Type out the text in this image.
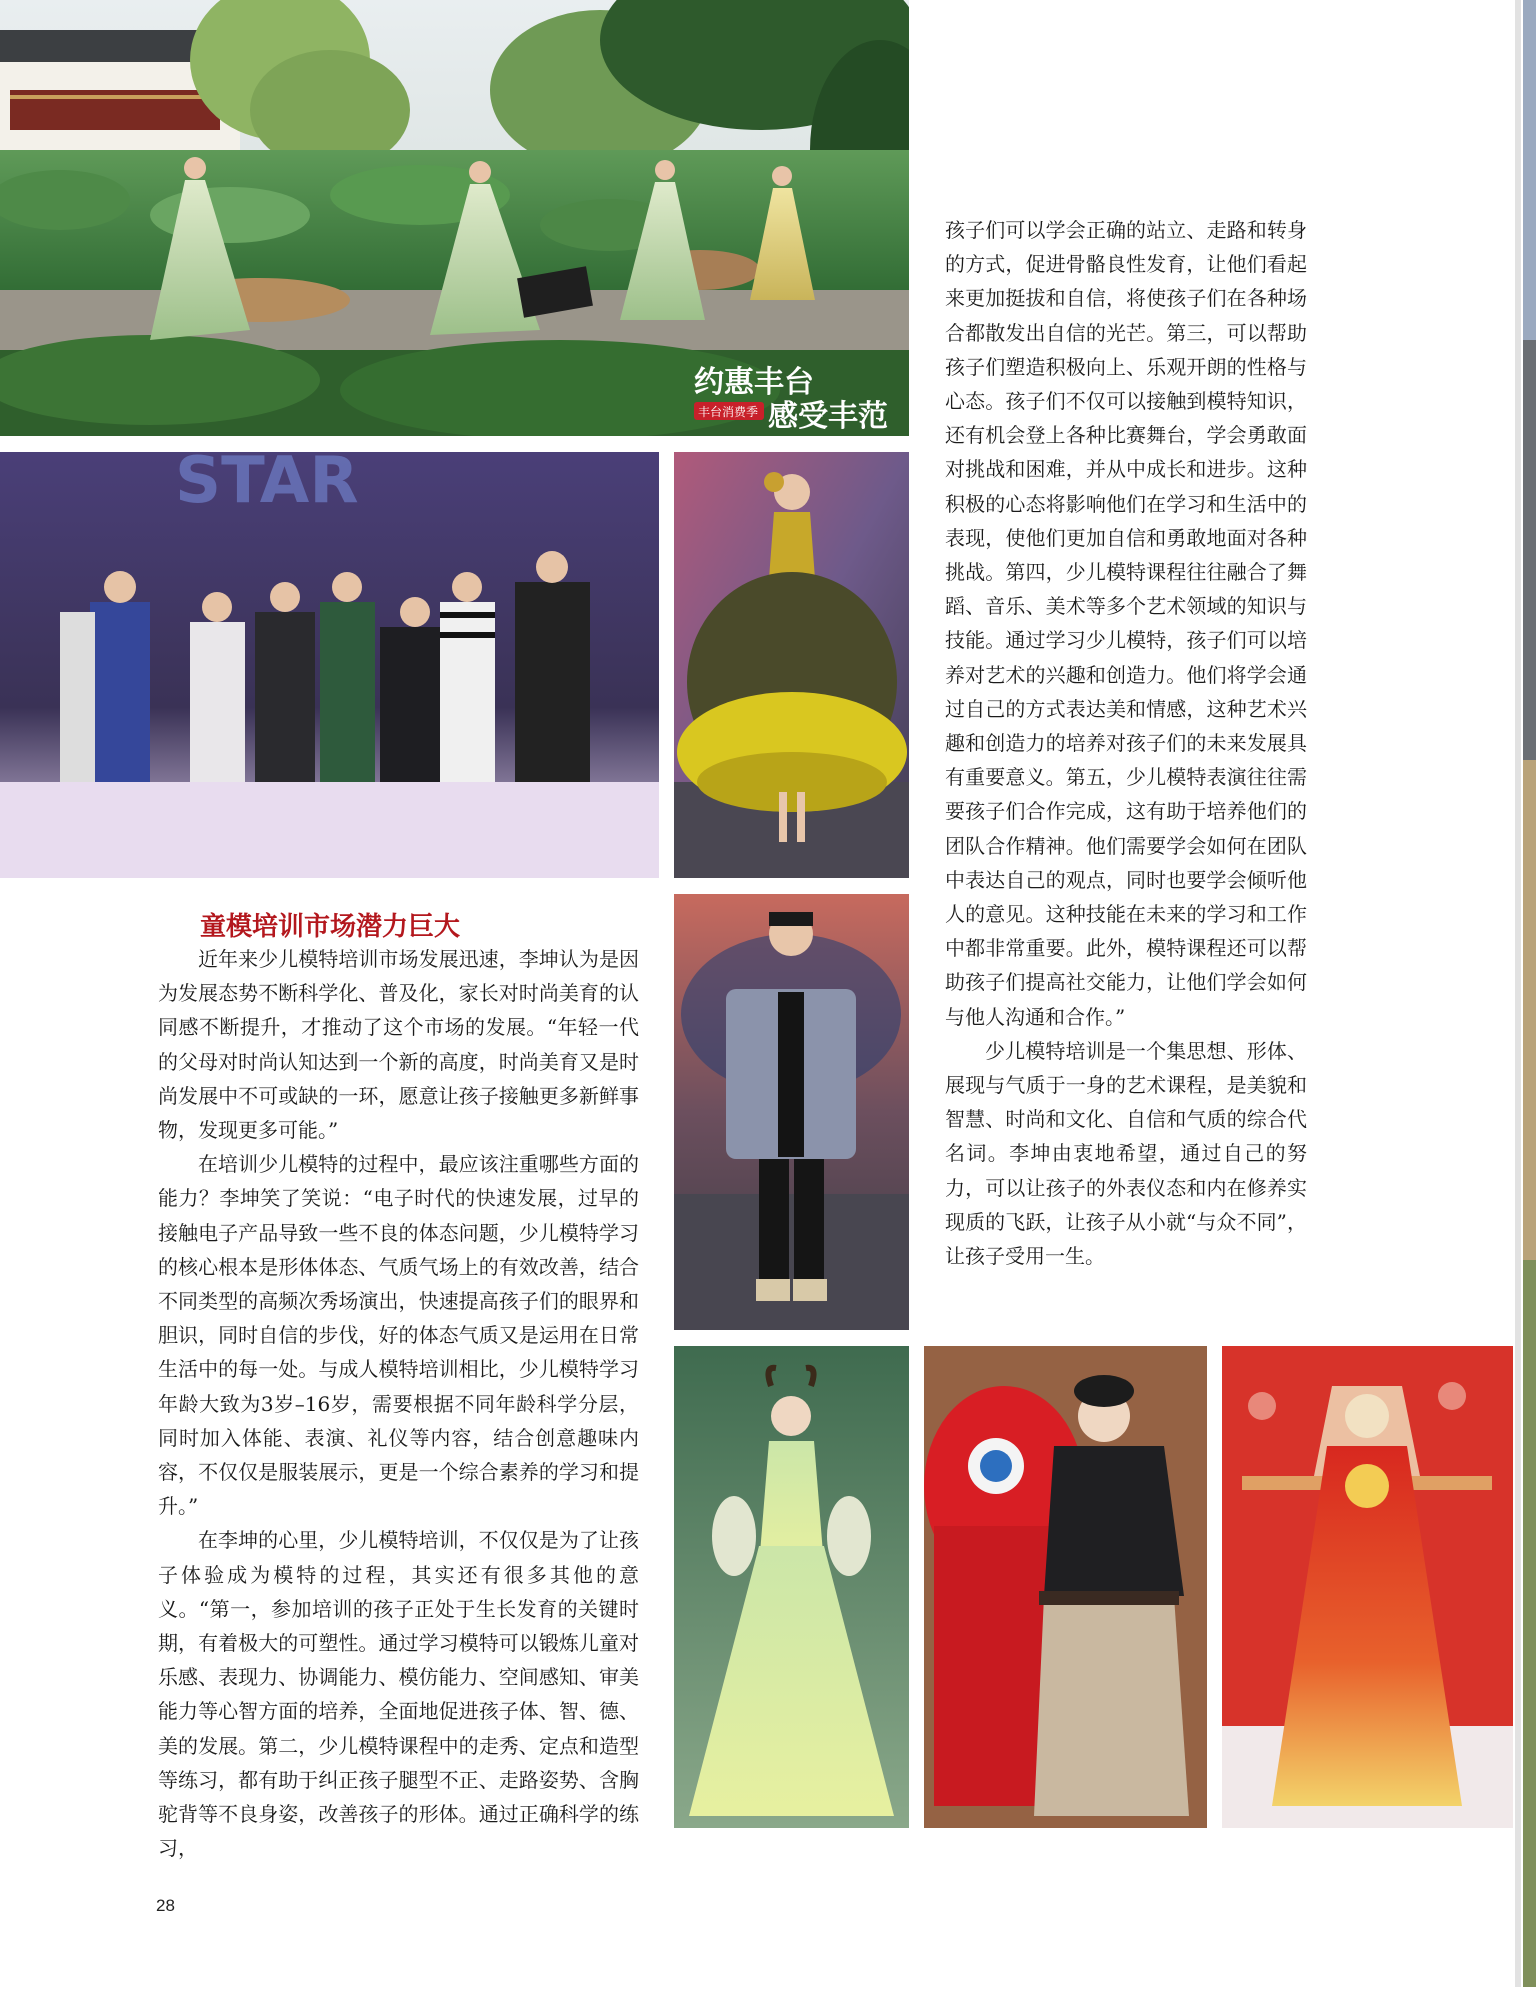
约惠丰台
丰台消费季 感受丰范
STAR
童模培训市场潜力巨大

近年来少儿模特培训市场发展迅速，李坤认为是因为发展态势不断科学化、普及化，家长对时尚美育的认同感不断提升，才推动了这个市场的发展。“年轻一代的父母对时尚认知达到一个新的高度，时尚美育又是时尚发展中不可或缺的一环，愿意让孩子接触更多新鲜事物，发现更多可能。”

在培训少儿模特的过程中，最应该注重哪些方面的能力？李坤笑了笑说：“电子时代的快速发展，过早的接触电子产品导致一些不良的体态问题，少儿模特学习的核心根本是形体体态、气质气场上的有效改善，结合不同类型的高频次秀场演出，快速提高孩子们的眼界和胆识，同时自信的步伐，好的体态气质又是运用在日常生活中的每一处。与成人模特培训相比，少儿模特学习年龄大致为3岁–16岁，需要根据不同年龄科学分层，同时加入体能、表演、礼仪等内容，结合创意趣味内容，不仅仅是服装展示，更是一个综合素养的学习和提升。”

在李坤的心里，少儿模特培训，不仅仅是为了让孩子体验成为模特的过程，其实还有很多其他的意义。“第一，参加培训的孩子正处于生长发育的关键时期，有着极大的可塑性。通过学习模特可以锻炼儿童对乐感、表现力、协调能力、模仿能力、空间感知、审美能力等心智方面的培养，全面地促进孩子体、智、德、美的发展。第二，少儿模特课程中的走秀、定点和造型等练习，都有助于纠正孩子腿型不正、走路姿势、含胸驼背等不良身姿，改善孩子的形体。通过正确科学的练习，

孩子们可以学会正确的站立、走路和转身的方式，促进骨骼良性发育，让他们看起来更加挺拔和自信，将使孩子们在各种场合都散发出自信的光芒。第三，可以帮助孩子们塑造积极向上、乐观开朗的性格与心态。孩子们不仅可以接触到模特知识，还有机会登上各种比赛舞台，学会勇敢面对挑战和困难，并从中成长和进步。这种积极的心态将影响他们在学习和生活中的表现，使他们更加自信和勇敢地面对各种挑战。第四，少儿模特课程往往融合了舞蹈、音乐、美术等多个艺术领域的知识与技能。通过学习少儿模特，孩子们可以培养对艺术的兴趣和创造力。他们将学会通过自己的方式表达美和情感，这种艺术兴趣和创造力的培养对孩子们的未来发展具有重要意义。第五，少儿模特表演往往需要孩子们合作完成，这有助于培养他们的团队合作精神。他们需要学会如何在团队中表达自己的观点，同时也要学会倾听他人的意见。这种技能在未来的学习和工作中都非常重要。此外，模特课程还可以帮助孩子们提高社交能力，让他们学会如何与他人沟通和合作。”

少儿模特培训是一个集思想、形体、展现与气质于一身的艺术课程，是美貌和智慧、时尚和文化、自信和气质的综合代名词。李坤由衷地希望，通过自己的努力，可以让孩子的外表仪态和内在修养实现质的飞跃，让孩子从小就“与众不同”，让孩子受用一生。

28
